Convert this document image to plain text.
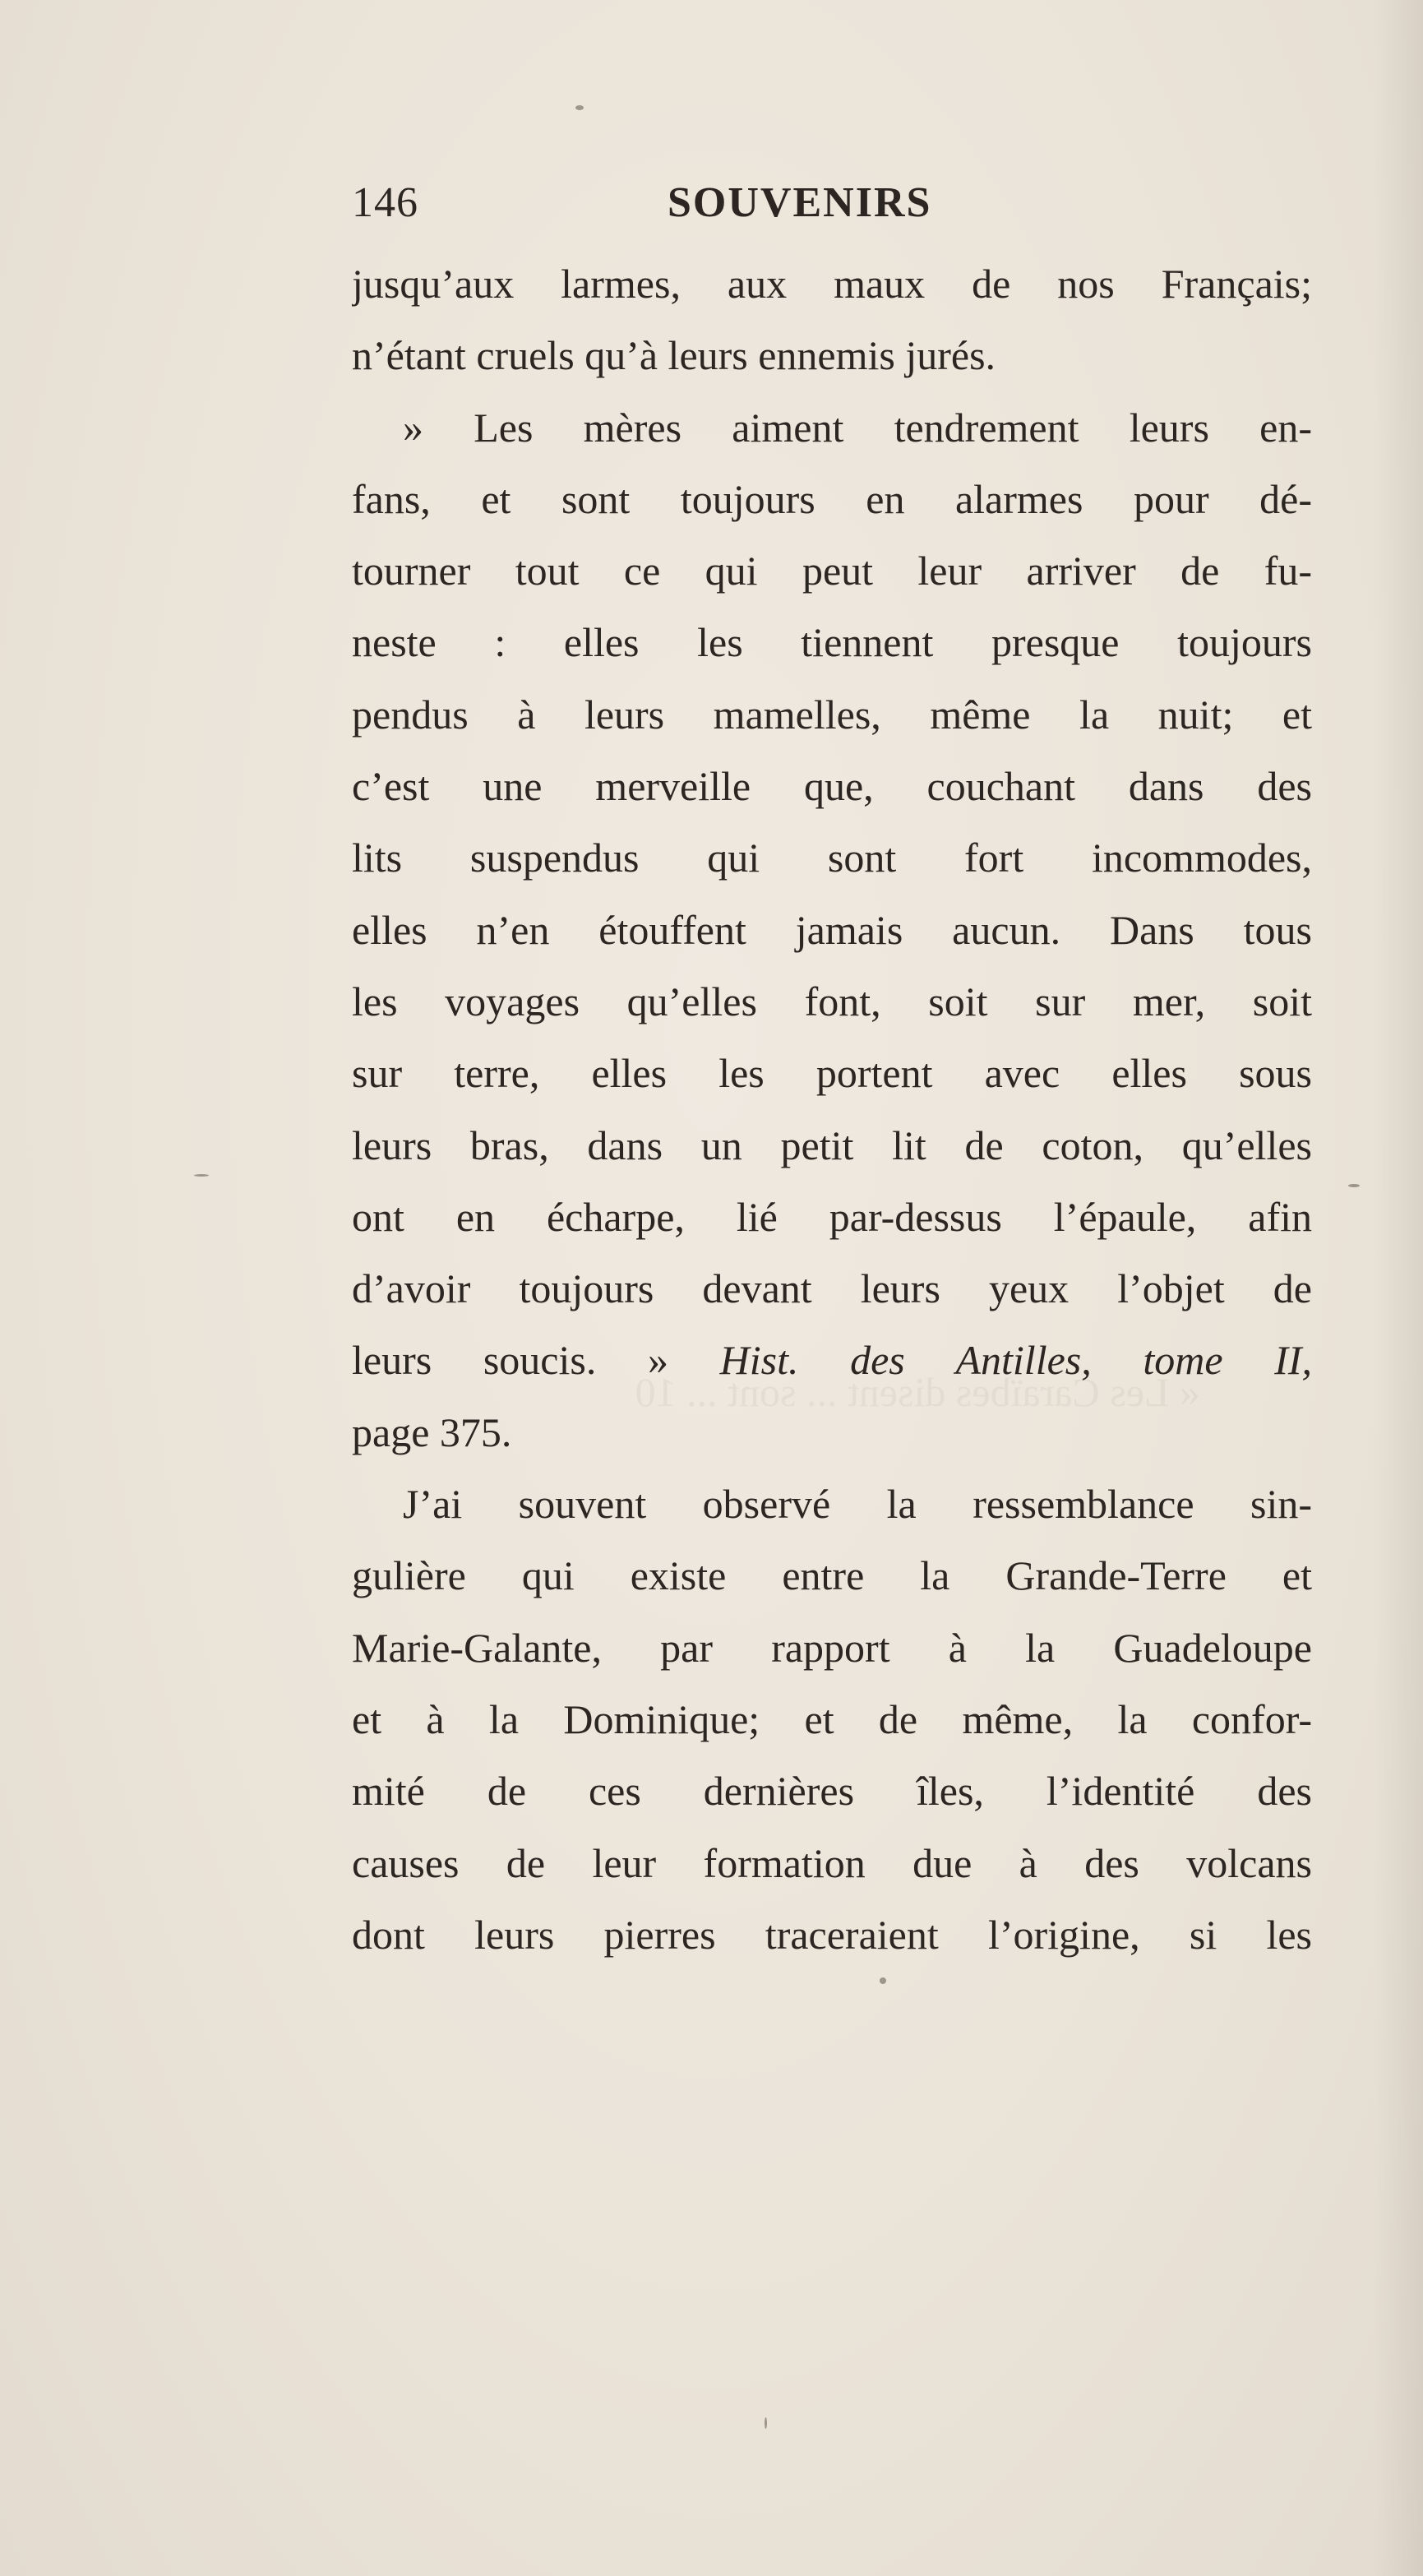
« Les Caraïbes disent ... sont ... 10
146	SOUVENIRS
jusqu’aux larmes, aux maux de nos Français;
n’étant cruels qu’à leurs ennemis jurés.
» Les mères aiment tendrement leurs en-
fans, et sont toujours en alarmes pour dé-
tourner tout ce qui peut leur arriver de fu-
neste : elles les tiennent presque toujours
pendus à leurs mamelles, même la nuit; et
c’est une merveille que, couchant dans des
lits suspendus qui sont fort incommodes,
elles n’en étouffent jamais aucun. Dans tous
les voyages qu’elles font, soit sur mer, soit
sur terre, elles les portent avec elles sous
leurs bras, dans un petit lit de coton, qu’elles
ont en écharpe, lié par-dessus l’épaule, afin
d’avoir toujours devant leurs yeux l’objet de
leurs soucis. » Hist. des Antilles, tome II,
page 375.
J’ai souvent observé la ressemblance sin-
gulière qui existe entre la Grande-Terre et
Marie-Galante, par rapport à la Guadeloupe
et à la Dominique; et de même, la confor-
mité de ces dernières îles, l’identité des
causes de leur formation due à des volcans
dont leurs pierres traceraient l’origine, si les
